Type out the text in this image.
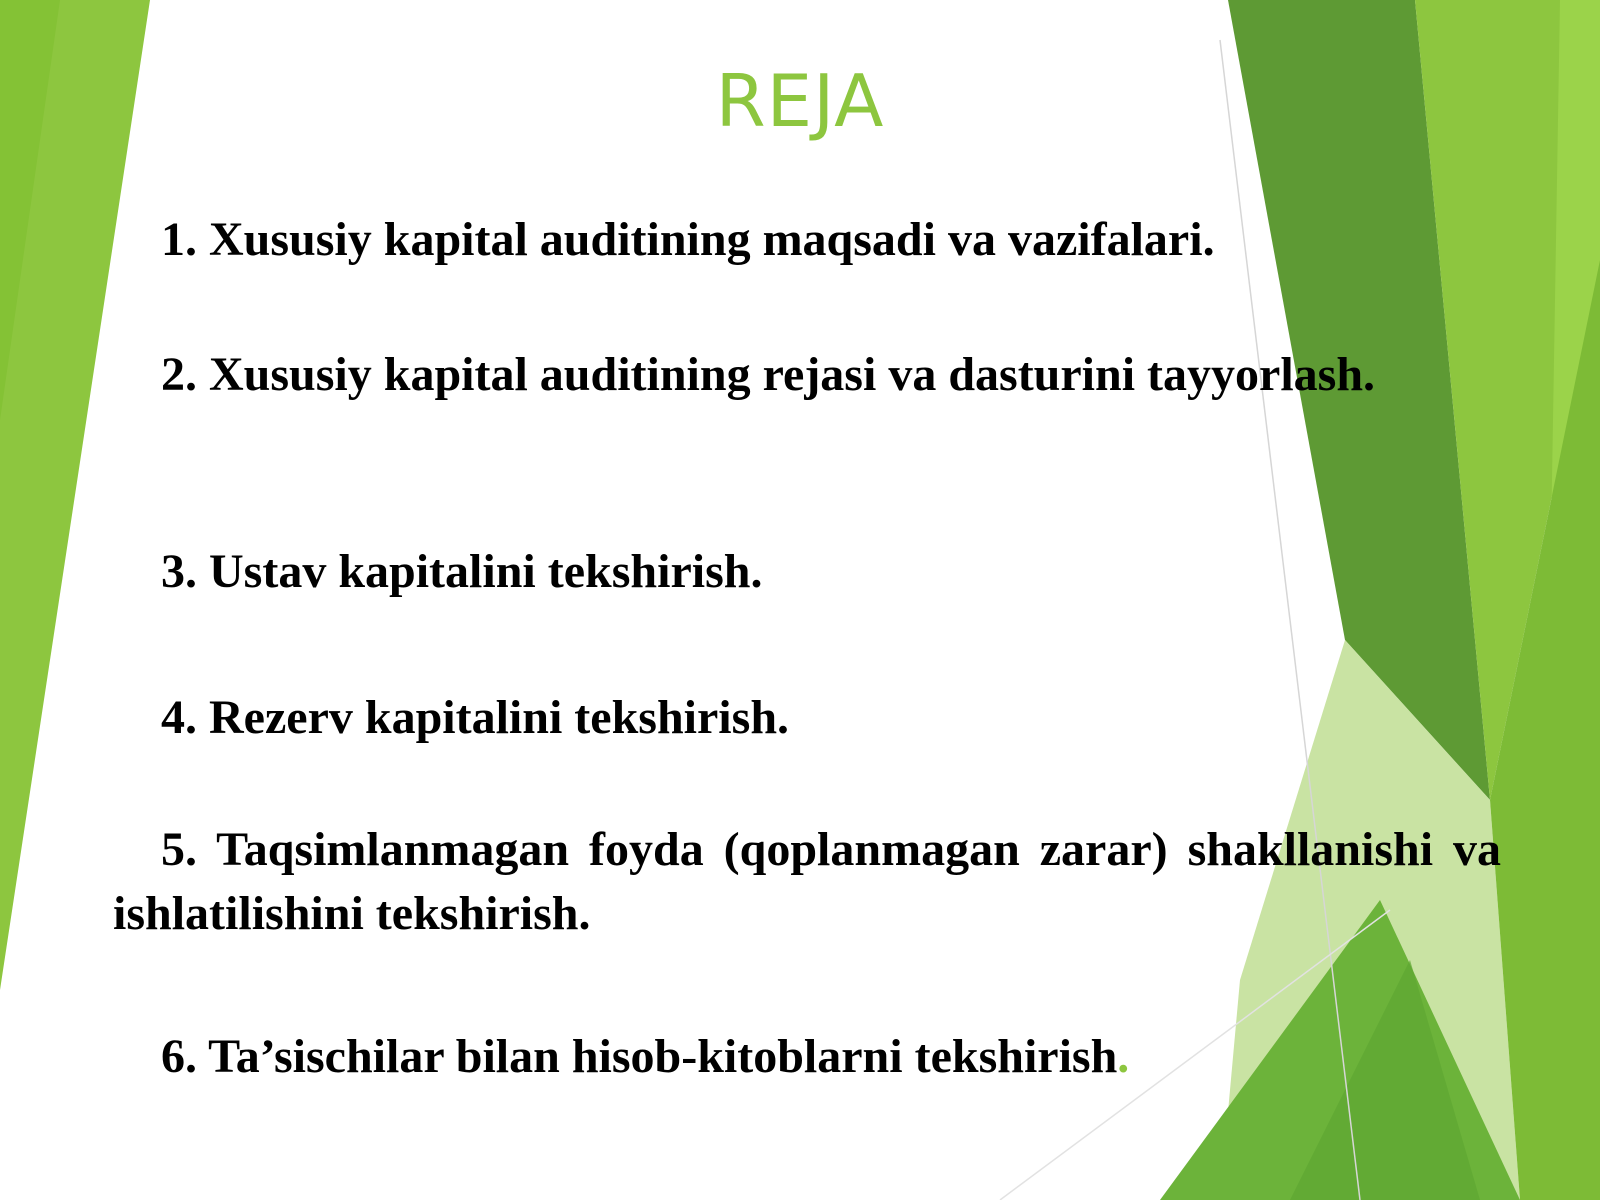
REJA
1. Xususiy kapital auditining maqsadi va vazifalari.
2. Xususiy kapital auditining rejasi va dasturini tayyorlash.
3. Ustav kapitalini tekshirish.
4. Rezerv kapitalini tekshirish.
5. Taqsimlanmagan foyda (qoplanmagan zarar) shakllanishi va ishlatilishini tekshirish.
6. Ta’sischilar bilan hisob-kitoblarni tekshirish.
